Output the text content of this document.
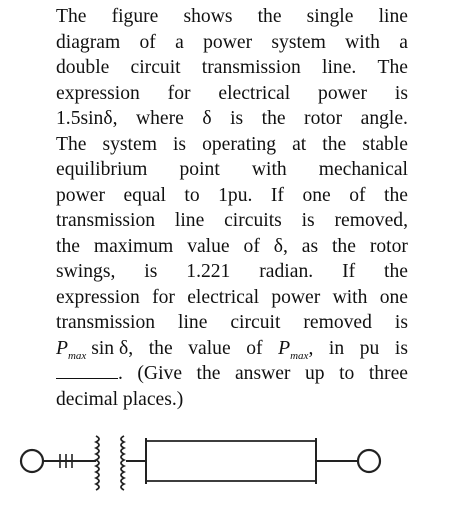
The figure shows the single line
diagram of a power system with a
double circuit transmission line. The
expression for electrical power is
1.5sinδ, where δ is the rotor angle.
The system is operating at the stable
equilibrium point with mechanical
power equal to 1pu. If one of the
transmission line circuits is removed,
the maximum value of δ, as the rotor
swings, is 1.221 radian. If the
expression for electrical power with one
transmission line circuit removed is
$P_{max}$ sin δ, the value of $P_{max}$, in pu is
. (Give the answer up to three
decimal places.)
